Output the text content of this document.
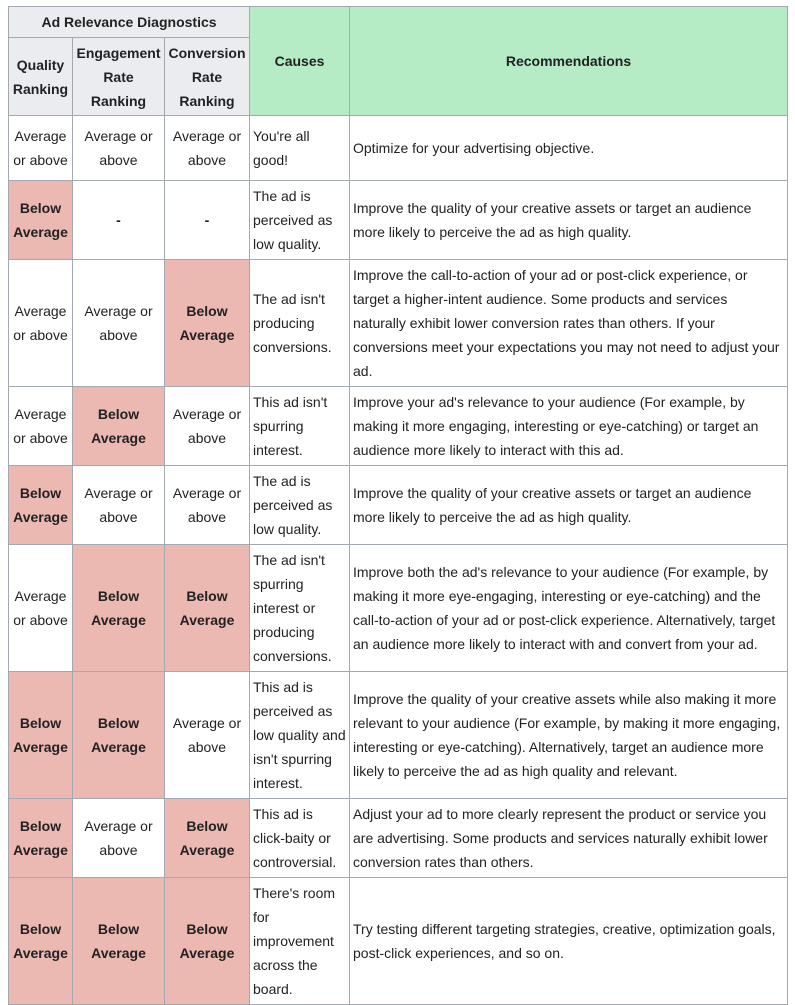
Ad Relevance Diagnostics			Causes	Recommendations
Quality Ranking	Engagement Rate Ranking	Conversion Rate Ranking		
Average or above	Average or above	Average or above	You're all good!	Optimize for your advertising objective.
Below Average	-	-	The ad is perceived as low quality.	Improve the quality of your creative assets or target an audience more likely to perceive the ad as high quality.
Average or above	Average or above	Below Average	The ad isn't producing conversions.	Improve the call-to-action of your ad or post-click experience, or target a higher-intent audience. Some products and services naturally exhibit lower conversion rates than others. If your conversions meet your expectations you may not need to adjust your ad.
Average or above	Below Average	Average or above	This ad isn't spurring interest.	Improve your ad's relevance to your audience (For example, by making it more engaging, interesting or eye-catching) or target an audience more likely to interact with this ad.
Below Average	Average or above	Average or above	The ad is perceived as low quality.	Improve the quality of your creative assets or target an audience more likely to perceive the ad as high quality.
Average or above	Below Average	Below Average	The ad isn't spurring interest or producing conversions.	Improve both the ad's relevance to your audience (For example, by making it more eye-engaging, interesting or eye-catching) and the call-to-action of your ad or post-click experience. Alternatively, target an audience more likely to interact with and convert from your ad.
Below Average	Below Average	Average or above	This ad is perceived as low quality and isn't spurring interest.	Improve the quality of your creative assets while also making it more relevant to your audience (For example, by making it more engaging, interesting or eye-catching). Alternatively, target an audience more likely to perceive the ad as high quality and relevant.
Below Average	Average or above	Below Average	This ad is click-baity or controversial.	Adjust your ad to more clearly represent the product or service you are advertising. Some products and services naturally exhibit lower conversion rates than others.
Below Average	Below Average	Below Average	There's room for improvement across the board.	Try testing different targeting strategies, creative, optimization goals, post-click experiences, and so on.
